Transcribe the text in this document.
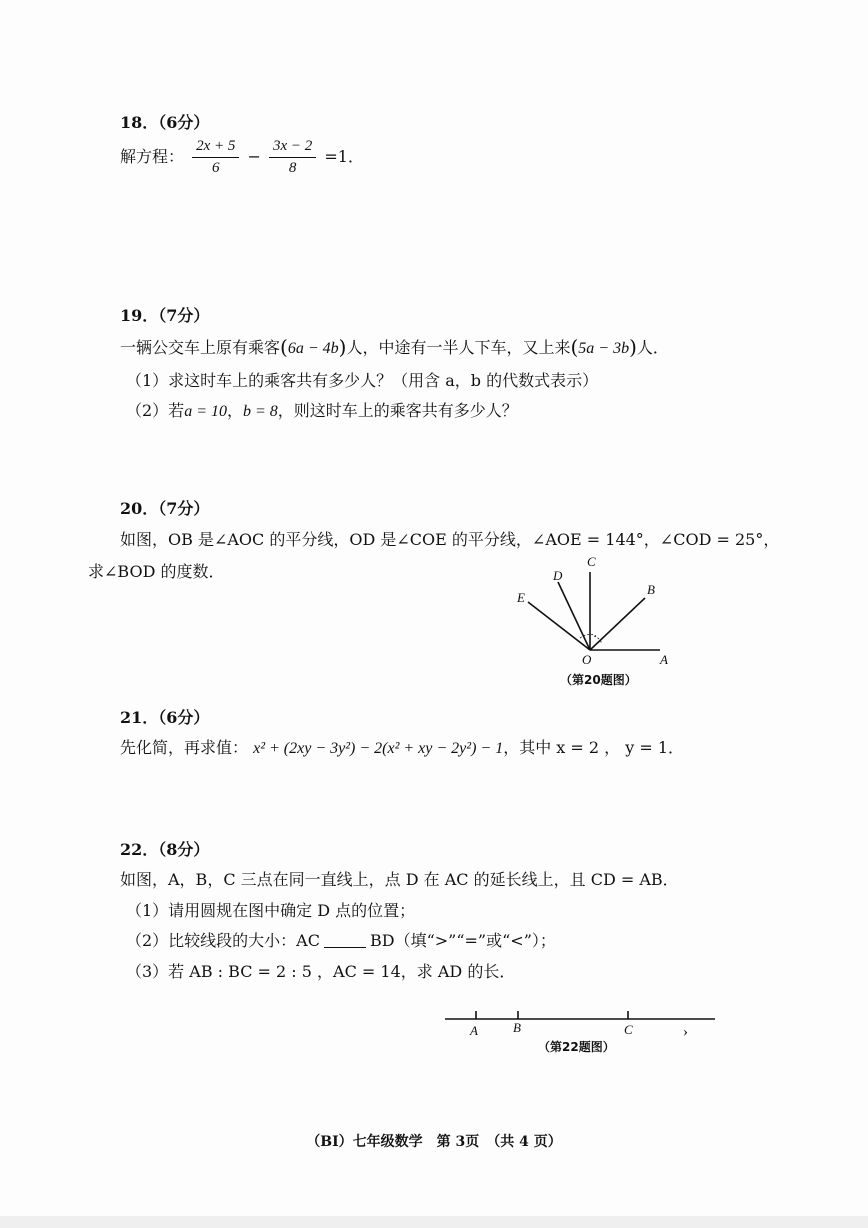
18．（6分）
解方程： $\frac{2x + 5}{6} - \frac{3x - 2}{8} =1$．
19．（7分）
一辆公交车上原有乘客(6a − 4b)人，中途有一半人下车，又上来(5a − 3b)人．
（1）求这时车上的乘客共有多少人？（用含 a，b 的代数式表示）
（2）若a = 10，b = 8，则这时车上的乘客共有多少人？
20．（7分）
如图，OB 是∠AOC 的平分线，OD 是∠COE 的平分线，∠AOE = 144°，∠COD = 25°，
求∠BOD 的度数．
C
D
B
E
O	A
（第20题图）
21．（6分）
先化简，再求值： x² + (2xy − 3y²) − 2(x² + xy − 2y²) − 1，其中 x = 2 ， y = 1．
22．（8分）
如图，A，B，C 三点在同一直线上，点 D 在 AC 的延长线上，且 CD = AB．
（1）请用圆规在图中确定 D 点的位置；
（2）比较线段的大小：AC	BD（填“>”“=”或“<”）；
（3）若 AB : BC = 2 : 5 ，AC = 14，求 AD 的长．
A	B	C	›
（第22题图）
（BI）七年级数学　第 3页　（共 4 页）
